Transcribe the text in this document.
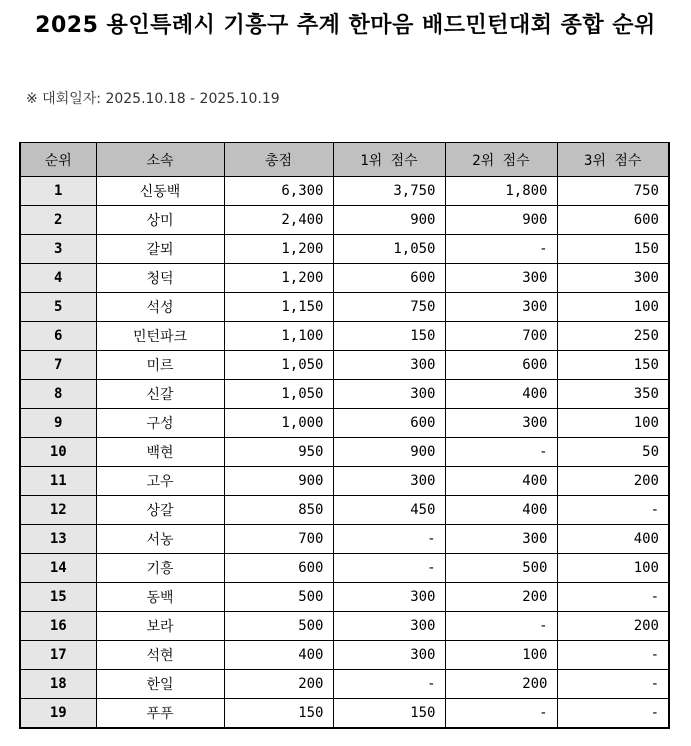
2025 용인특례시 기흥구 추계 한마음 배드민턴대회 종합 순위
※ 대회일자: 2025.10.18 - 2025.10.19
순위	소속	총점	1위 점수	2위 점수	3위 점수
1	신동백	6,300	3,750	1,800	750
2	상미	2,400	900	900	600
3	갈뫼	1,200	1,050	-	150
4	청덕	1,200	600	300	300
5	석성	1,150	750	300	100
6	민턴파크	1,100	150	700	250
7	미르	1,050	300	600	150
8	신갈	1,050	300	400	350
9	구성	1,000	600	300	100
10	백현	950	900	-	50
11	고우	900	300	400	200
12	상갈	850	450	400	-
13	서농	700	-	300	400
14	기흥	600	-	500	100
15	동백	500	300	200	-
16	보라	500	300	-	200
17	석현	400	300	100	-
18	한일	200	-	200	-
19	푸푸	150	150	-	-
